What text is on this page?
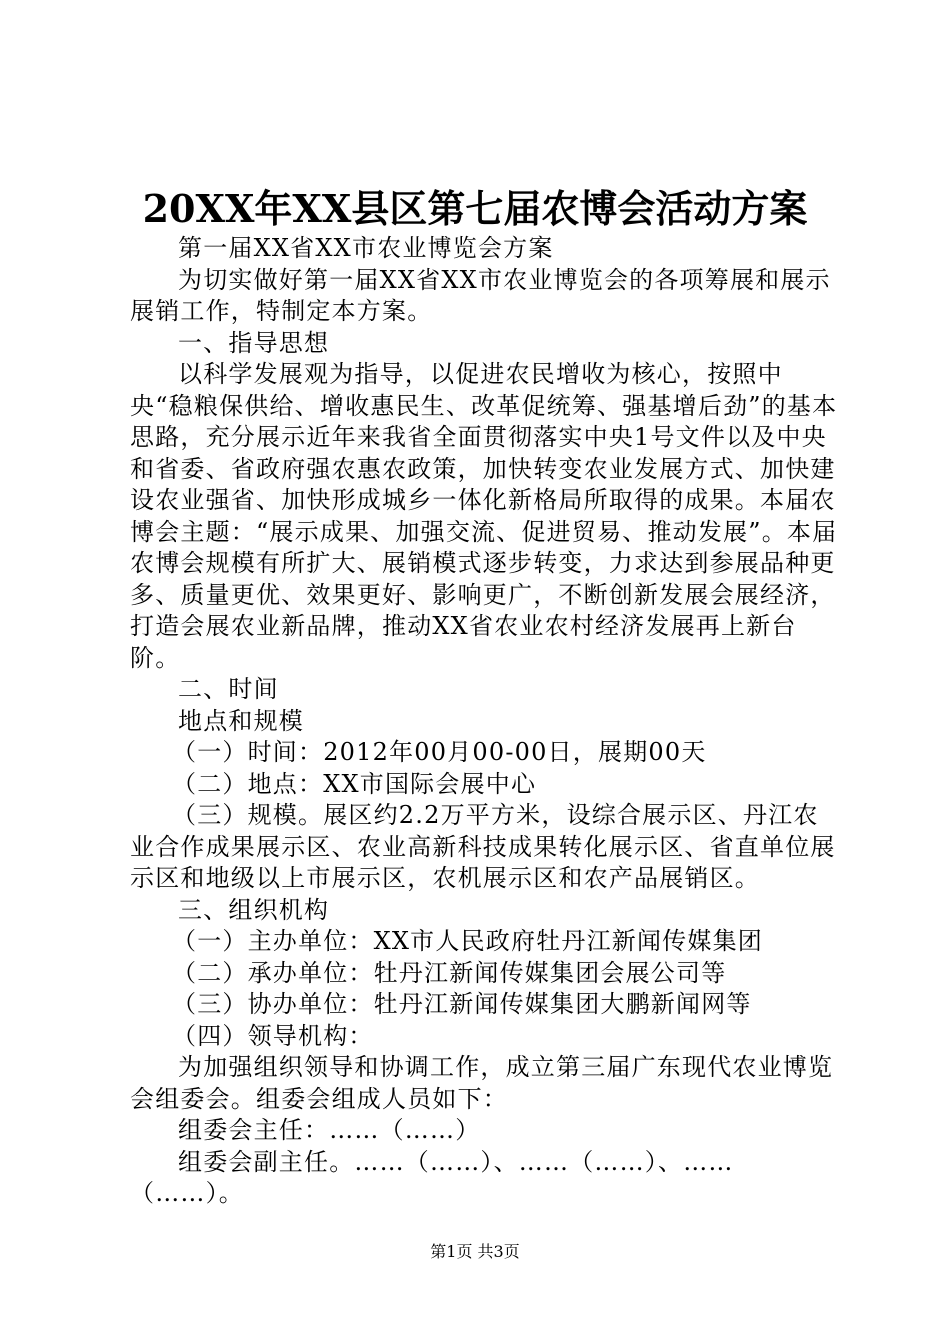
20XX年XX县区第七届农博会活动方案

第一届XX省XX市农业博览会方案

为切实做好第一届XX省XX市农业博览会的各项筹展和展示展销工作，特制定本方案。

一、指导思想

以科学发展观为指导，以促进农民增收为核心，按照中央“稳粮保供给、增收惠民生、改革促统筹、强基增后劲”的基本思路，充分展示近年来我省全面贯彻落实中央1号文件以及中央和省委、省政府强农惠农政策，加快转变农业发展方式、加快建设农业强省、加快形成城乡一体化新格局所取得的成果。本届农博会主题：“展示成果、加强交流、促进贸易、推动发展”。本届农博会规模有所扩大、展销模式逐步转变，力求达到参展品种更多、质量更优、效果更好、影响更广，不断创新发展会展经济，打造会展农业新品牌，推动XX省农业农村经济发展再上新台阶。

二、时间

地点和规模

（一）时间：2012年00月00-00日，展期00天

（二）地点：XX市国际会展中心

（三）规模。展区约2.2万平方米，设综合展示区、丹江农业合作成果展示区、农业高新科技成果转化展示区、省直单位展示区和地级以上市展示区，农机展示区和农产品展销区。

三、组织机构

（一）主办单位：XX市人民政府牡丹江新闻传媒集团

（二）承办单位：牡丹江新闻传媒集团会展公司等

（三）协办单位：牡丹江新闻传媒集团大鹏新闻网等

（四）领导机构：

为加强组织领导和协调工作，成立第三届广东现代农业博览会组委会。组委会组成人员如下：

组委会主任：……（……）

组委会副主任。……（……）、……（……）、……（……）。

第1页 共3页
